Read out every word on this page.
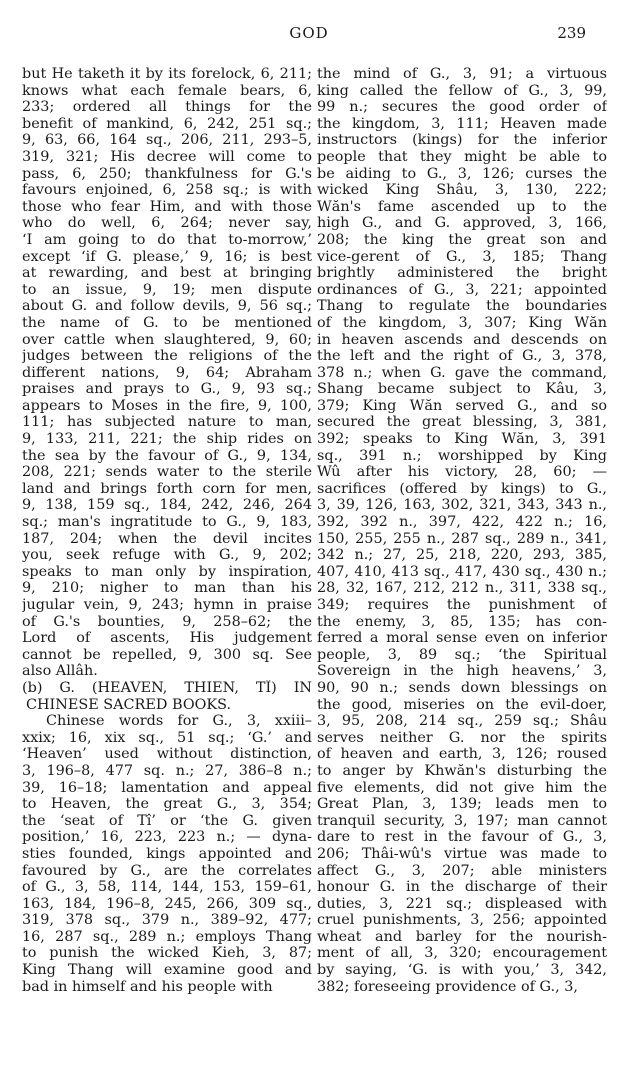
GOD	239
but He taketh it by its forelock, 6, 211;
knows what each female bears, 6,
233; ordered all things for the
benefit of mankind, 6, 242, 251 sq.;
9, 63, 66, 164 sq., 206, 211, 293–5,
319, 321; His decree will come to
pass, 6, 250; thankfulness for G.'s
favours enjoined, 6, 258 sq.; is with
those who fear Him, and with those
who do well, 6, 264; never say,
‘I am going to do that to-morrow,’
except ‘if G. please,’ 9, 16; is best
at rewarding, and best at bringing
to an issue, 9, 19; men dispute
about G. and follow devils, 9, 56 sq.;
the name of G. to be mentioned
over cattle when slaughtered, 9, 60;
judges between the religions of the
different nations, 9, 64; Abraham
praises and prays to G., 9, 93 sq.;
appears to Moses in the fire, 9, 100,
111; has subjected nature to man,
9, 133, 211, 221; the ship rides on
the sea by the favour of G., 9, 134,
208, 221; sends water to the sterile
land and brings forth corn for men,
9, 138, 159 sq., 184, 242, 246, 264
sq.; man's ingratitude to G., 9, 183,
187, 204; when the devil incites
you, seek refuge with G., 9, 202;
speaks to man only by inspiration,
9, 210; nigher to man than his
jugular vein, 9, 243; hymn in praise
of G.'s bounties, 9, 258–62; the
Lord of ascents, His judgement
cannot be repelled, 9, 300 sq. See
also Allâh.
(b) G. (HEAVEN, THIEN, TÎ) IN
CHINESE SACRED BOOKS.
Chinese words for G., 3, xxiii–
xxix; 16, xix sq., 51 sq.; ‘G.’ and
‘Heaven’ used without distinction,
3, 196–8, 477 sq. n.; 27, 386–8 n.;
39, 16–18; lamentation and appeal
to Heaven, the great G., 3, 354;
the ‘seat of Tî’ or ‘the G. given
position,’ 16, 223, 223 n.; — dyna-
sties founded, kings appointed and
favoured by G., are the correlates
of G., 3, 58, 114, 144, 153, 159–61,
163, 184, 196–8, 245, 266, 309 sq.,
319, 378 sq., 379 n., 389–92, 477;
16, 287 sq., 289 n.; employs Thang
to punish the wicked Kieh, 3, 87;
King Thang will examine good and
bad in himself and his people with
the mind of G., 3, 91; a virtuous
king called the fellow of G., 3, 99,
99 n.; secures the good order of
the kingdom, 3, 111; Heaven made
instructors (kings) for the inferior
people that they might be able to
be aiding to G., 3, 126; curses the
wicked King Shâu, 3, 130, 222;
Wăn's fame ascended up to the
high G., and G. approved, 3, 166,
208; the king the great son and
vice-gerent of G., 3, 185; Thang
brightly administered the bright
ordinances of G., 3, 221; appointed
Thang to regulate the boundaries
of the kingdom, 3, 307; King Wăn
in heaven ascends and descends on
the left and the right of G., 3, 378,
378 n.; when G. gave the command,
Shang became subject to Kâu, 3,
379; King Wăn served G., and so
secured the great blessing, 3, 381,
392; speaks to King Wăn, 3, 391
sq., 391 n.; worshipped by King
Wû after his victory, 28, 60; —
sacrifices (offered by kings) to G.,
3, 39, 126, 163, 302, 321, 343, 343 n.,
392, 392 n., 397, 422, 422 n.; 16,
150, 255, 255 n., 287 sq., 289 n., 341,
342 n.; 27, 25, 218, 220, 293, 385,
407, 410, 413 sq., 417, 430 sq., 430 n.;
28, 32, 167, 212, 212 n., 311, 338 sq.,
349; requires the punishment of
the enemy, 3, 85, 135; has con-
ferred a moral sense even on inferior
people, 3, 89 sq.; ‘the Spiritual
Sovereign in the high heavens,’ 3,
90, 90 n.; sends down blessings on
the good, miseries on the evil-doer,
3, 95, 208, 214 sq., 259 sq.; Shâu
serves neither G. nor the spirits
of heaven and earth, 3, 126; roused
to anger by Khwăn's disturbing the
five elements, did not give him the
Great Plan, 3, 139; leads men to
tranquil security, 3, 197; man cannot
dare to rest in the favour of G., 3,
206; Thâi-wû's virtue was made to
affect G., 3, 207; able ministers
honour G. in the discharge of their
duties, 3, 221 sq.; displeased with
cruel punishments, 3, 256; appointed
wheat and barley for the nourish-
ment of all, 3, 320; encouragement
by saying, ‘G. is with you,’ 3, 342,
382; foreseeing providence of G., 3,
